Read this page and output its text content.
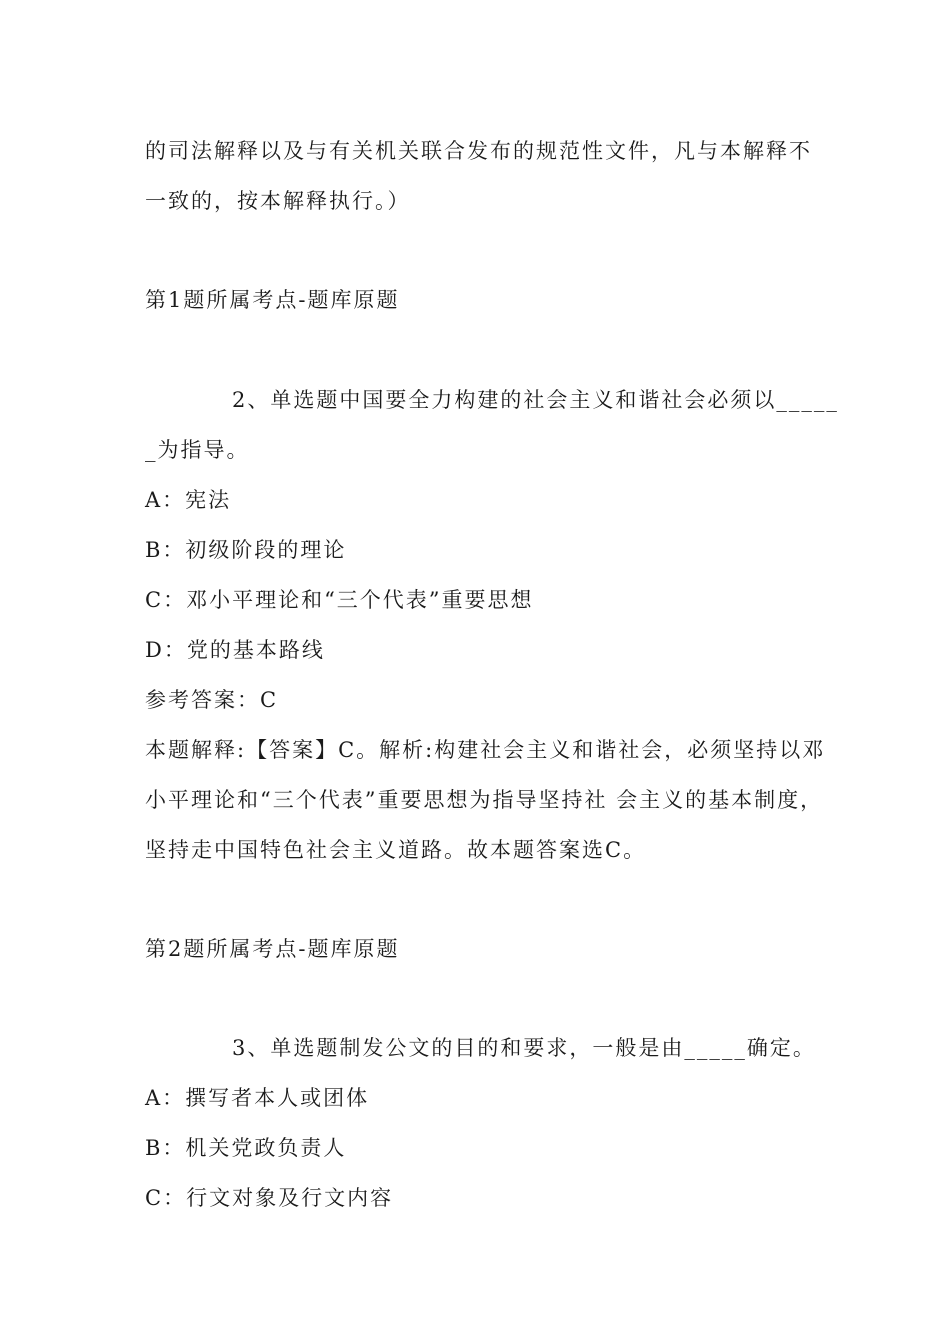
的司法解释以及与有关机关联合发布的规范性文件，凡与本解释不
一致的，按本解释执行。）
第1题所属考点-题库原题
2、单选题中国要全力构建的社会主义和谐社会必须以_____
_为指导。
A：宪法
B：初级阶段的理论
C：邓小平理论和“三个代表”重要思想
D：党的基本路线
参考答案：C
本题解释:【答案】C。解析:构建社会主义和谐社会，必须坚持以邓
小平理论和“三个代表”重要思想为指导坚持社 会主义的基本制度，
坚持走中国特色社会主义道路。故本题答案选C。
第2题所属考点-题库原题
3、单选题制发公文的目的和要求，一般是由_____确定。
A：撰写者本人或团体
B：机关党政负责人
C：行文对象及行文内容
